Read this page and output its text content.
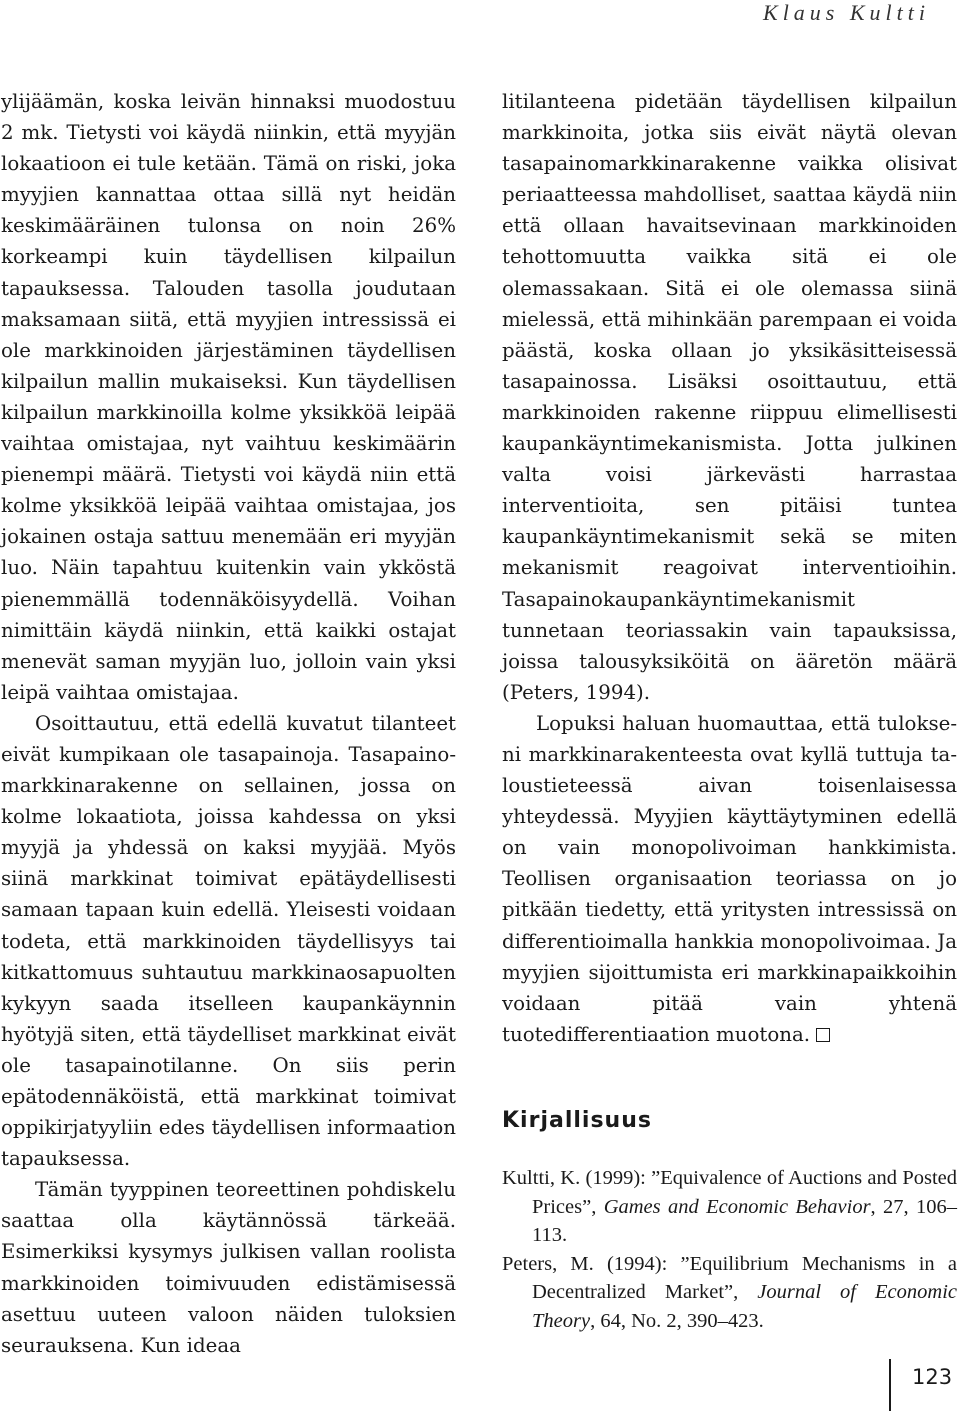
Klaus Kultti

ylijäämän, koska leivän hinnaksi muodostuu 2 mk. Tietysti voi käydä niinkin, että myyjän lokaatioon ei tule ketään. Tämä on riski, joka myyjien kannattaa ottaa sillä nyt heidän keskimääräinen tulonsa on noin 26% korkeampi kuin täydellisen kilpailun tapauksessa. Talouden tasolla joudutaan maksamaan siitä, että myyjien intressissä ei ole markkinoiden järjestäminen täydellisen kilpailun mallin mukaiseksi. Kun täydellisen kilpailun markkinoilla kolme yksikköä leipää vaihtaa omistajaa, nyt vaihtuu keskimäärin pienempi määrä. Tietysti voi käydä niin että kolme yksikköä leipää vaihtaa omistajaa, jos jokainen ostaja sattuu menemään eri myyjän luo. Näin tapahtuu kuitenkin vain ykköstä pienemmällä todennäköisyydellä. Voihan nimittäin käydä niinkin, että kaikki ostajat menevät saman myyjän luo, jolloin vain yksi leipä vaihtaa omistajaa.

Osoittautuu, että edellä kuvatut tilanteet eivät kumpikaan ole tasapainoja. Tasapainomarkkinarakenne on sellainen, jossa on kolme lokaatiota, joissa kahdessa on yksi myyjä ja yhdessä on kaksi myyjää. Myös siinä markkinat toimivat epätäydellisesti samaan tapaan kuin edellä. Yleisesti voidaan todeta, että markkinoiden täydellisyys tai kitkattomuus suhtautuu markkinaosapuolten kykyyn saada itselleen kaupankäynnin hyötyjä siten, että täydelliset markkinat eivät ole tasapainotilanne. On siis perin epätodennäköistä, että markkinat toimivat oppikirjatyyliin edes täydellisen informaation tapauksessa.

Tämän tyyppinen teoreettinen pohdiskelu saattaa olla käytännössä tärkeää. Esimerkiksi kysymys julkisen vallan roolista markkinoiden toimivuuden edistämisessä asettuu uuteen valoon näiden tuloksien seurauksena. Kun ideaa

litilanteena pidetään täydellisen kilpailun markkinoita, jotka siis eivät näytä olevan tasapainomarkkinarakenne vaikka olisivat periaatteessa mahdolliset, saattaa käydä niin että ollaan havaitsevinaan markkinoiden tehottomuutta vaikka sitä ei ole olemassakaan. Sitä ei ole olemassa siinä mielessä, että mihinkään parempaan ei voida päästä, koska ollaan jo yksikäsitteisessä tasapainossa. Lisäksi osoittautuu, että markkinoiden rakenne riippuu elimellisesti kaupankäyntimekanismista. Jotta julkinen valta voisi järkevästi harrastaa interventioita, sen pitäisi tuntea kaupankäyntimekanismit sekä se miten mekanismit reagoivat interventioihin. Tasapainokaupankäyntimekanismit tunnetaan teoriassakin vain tapauksissa, joissa talousyksiköitä on ääretön määrä (Peters, 1994).

Lopuksi haluan huomauttaa, että tulokseni markkinarakenteesta ovat kyllä tuttuja taloustieteessä aivan toisenlaisessa yhteydessä. Myyjien käyttäytyminen edellä on vain monopolivoiman hankkimista. Teollisen organisaation teoriassa on jo pitkään tiedetty, että yritysten intressissä on differentioimalla hankkia monopolivoimaa. Ja myyjien sijoittumista eri markkinapaikkoihin voidaan pitää vain yhtenä tuotedifferentiaation muotona.

Kirjallisuus

Kultti, K. (1999): ”Equivalence of Auctions and Posted Prices”, Games and Economic Behavior, 27, 106–113.

Peters, M. (1994): ”Equilibrium Mechanisms in a Decentralized Market”, Journal of Economic Theory, 64, No. 2, 390–423.

123
